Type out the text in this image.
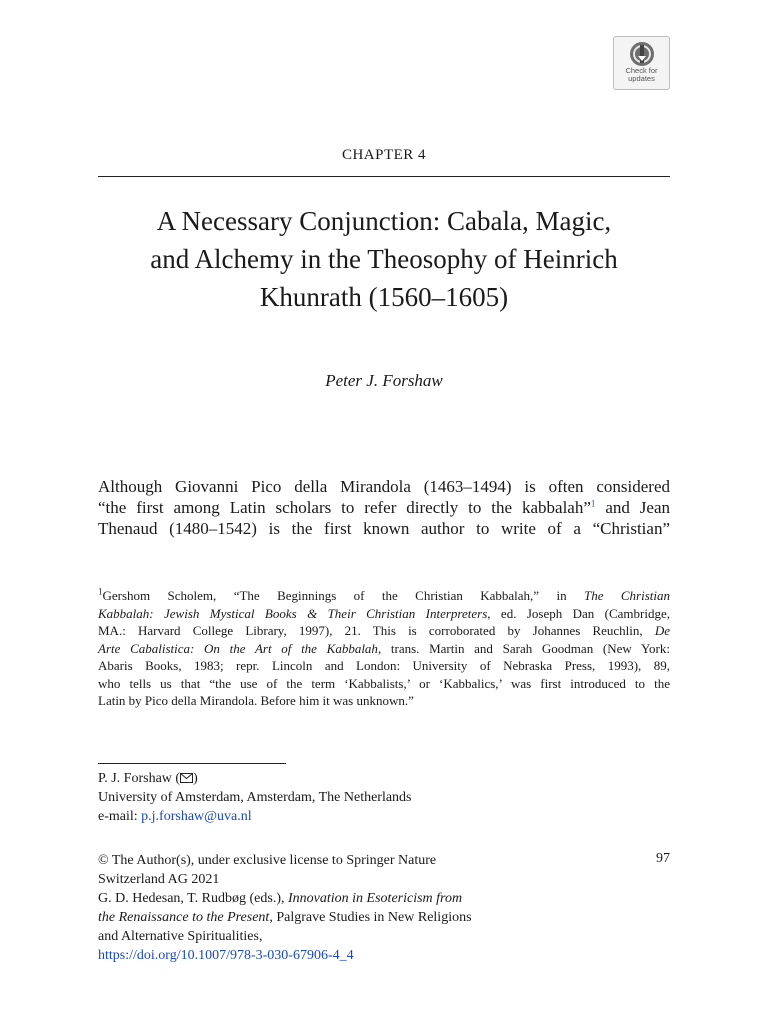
Check for
updates
CHAPTER 4
A Necessary Conjunction: Cabala, Magic,
and Alchemy in the Theosophy of Heinrich
Khunrath (1560–1605)
Peter J. Forshaw
Although Giovanni Pico della Mirandola (1463–1494) is often considered
“the first among Latin scholars to refer directly to the kabbalah”$^1$ and Jean
Thenaud (1480–1542) is the first known author to write of a “Christian”
$^1$Gershom Scholem, “The Beginnings of the Christian Kabbalah,” in The Christian
Kabbalah: Jewish Mystical Books & Their Christian Interpreters, ed. Joseph Dan (Cambridge,
MA.: Harvard College Library, 1997), 21. This is corroborated by Johannes Reuchlin, De
Arte Cabalistica: On the Art of the Kabbalah, trans. Martin and Sarah Goodman (New York:
Abaris Books, 1983; repr. Lincoln and London: University of Nebraska Press, 1993), 89,
who tells us that “the use of the term ‘Kabbalists,’ or ‘Kabbalics,’ was first introduced to the
Latin by Pico della Mirandola. Before him it was unknown.”
P. J. Forshaw ( )
University of Amsterdam, Amsterdam, The Netherlands
e-mail: p.j.forshaw@uva.nl
© The Author(s), under exclusive license to Springer Nature
Switzerland AG 2021
G. D. Hedesan, T. Rudbøg (eds.), Innovation in Esotericism from
the Renaissance to the Present, Palgrave Studies in New Religions
and Alternative Spiritualities,
https://doi.org/10.1007/978-3-030-67906-4_4
97
